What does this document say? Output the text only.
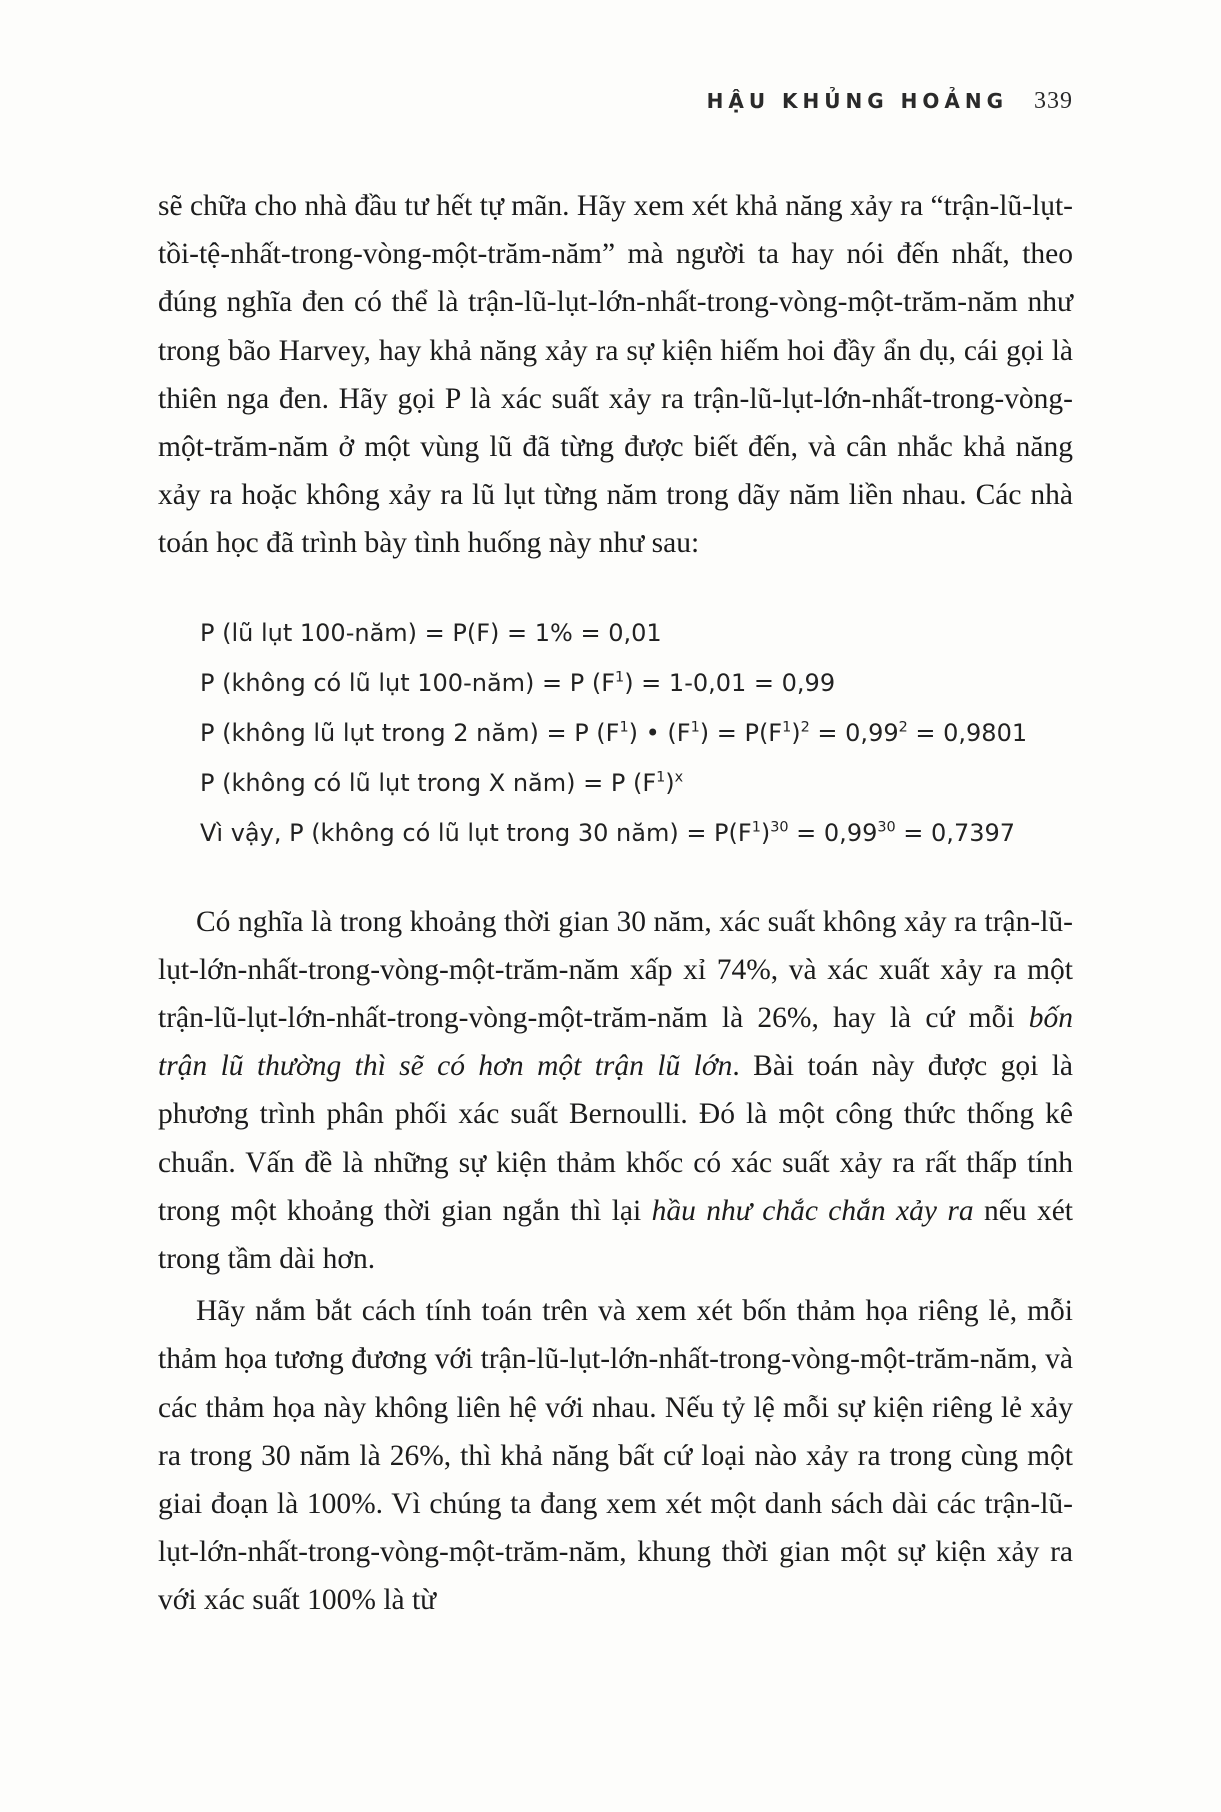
HẬU KHỦNG HOẢNG 339

sẽ chữa cho nhà đầu tư hết tự mãn. Hãy xem xét khả năng xảy ra “trận-lũ-lụt-tồi-tệ-nhất-trong-vòng-một-trăm-năm” mà người ta hay nói đến nhất, theo đúng nghĩa đen có thể là trận-lũ-lụt-lớn-nhất-trong-vòng-một-trăm-năm như trong bão Harvey, hay khả năng xảy ra sự kiện hiếm hoi đầy ẩn dụ, cái gọi là thiên nga đen. Hãy gọi P là xác suất xảy ra trận-lũ-lụt-lớn-nhất-trong-vòng-một-trăm-năm ở một vùng lũ đã từng được biết đến, và cân nhắc khả năng xảy ra hoặc không xảy ra lũ lụt từng năm trong dãy năm liền nhau. Các nhà toán học đã trình bày tình huống này như sau:

P (lũ lụt 100-năm) = P(F) = 1% = 0,01
P (không có lũ lụt 100-năm) = P $(F^1) = 1-0,01 = 0,99$
P (không lũ lụt trong 2 năm) = P $(F^1)$ • $(F^1) = P(F^1)^2 = 0,99^2 = 0,9801$
P (không có lũ lụt trong X năm) = P $(F^1)^x$
Vì vậy, P (không có lũ lụt trong 30 năm) = $P(F^1)^{30} = 0,99^{30} = 0,7397$

Có nghĩa là trong khoảng thời gian 30 năm, xác suất không xảy ra trận-lũ-lụt-lớn-nhất-trong-vòng-một-trăm-năm xấp xỉ 74%, và xác xuất xảy ra một trận-lũ-lụt-lớn-nhất-trong-vòng-một-trăm-năm là 26%, hay là cứ mỗi bốn trận lũ thường thì sẽ có hơn một trận lũ lớn. Bài toán này được gọi là phương trình phân phối xác suất Bernoulli. Đó là một công thức thống kê chuẩn. Vấn đề là những sự kiện thảm khốc có xác suất xảy ra rất thấp tính trong một khoảng thời gian ngắn thì lại hầu như chắc chắn xảy ra nếu xét trong tầm dài hơn.

Hãy nắm bắt cách tính toán trên và xem xét bốn thảm họa riêng lẻ, mỗi thảm họa tương đương với trận-lũ-lụt-lớn-nhất-trong-vòng-một-trăm-năm, và các thảm họa này không liên hệ với nhau. Nếu tỷ lệ mỗi sự kiện riêng lẻ xảy ra trong 30 năm là 26%, thì khả năng bất cứ loại nào xảy ra trong cùng một giai đoạn là 100%. Vì chúng ta đang xem xét một danh sách dài các trận-lũ-lụt-lớn-nhất-trong-vòng-một-trăm-năm, khung thời gian một sự kiện xảy ra với xác suất 100% là từ
